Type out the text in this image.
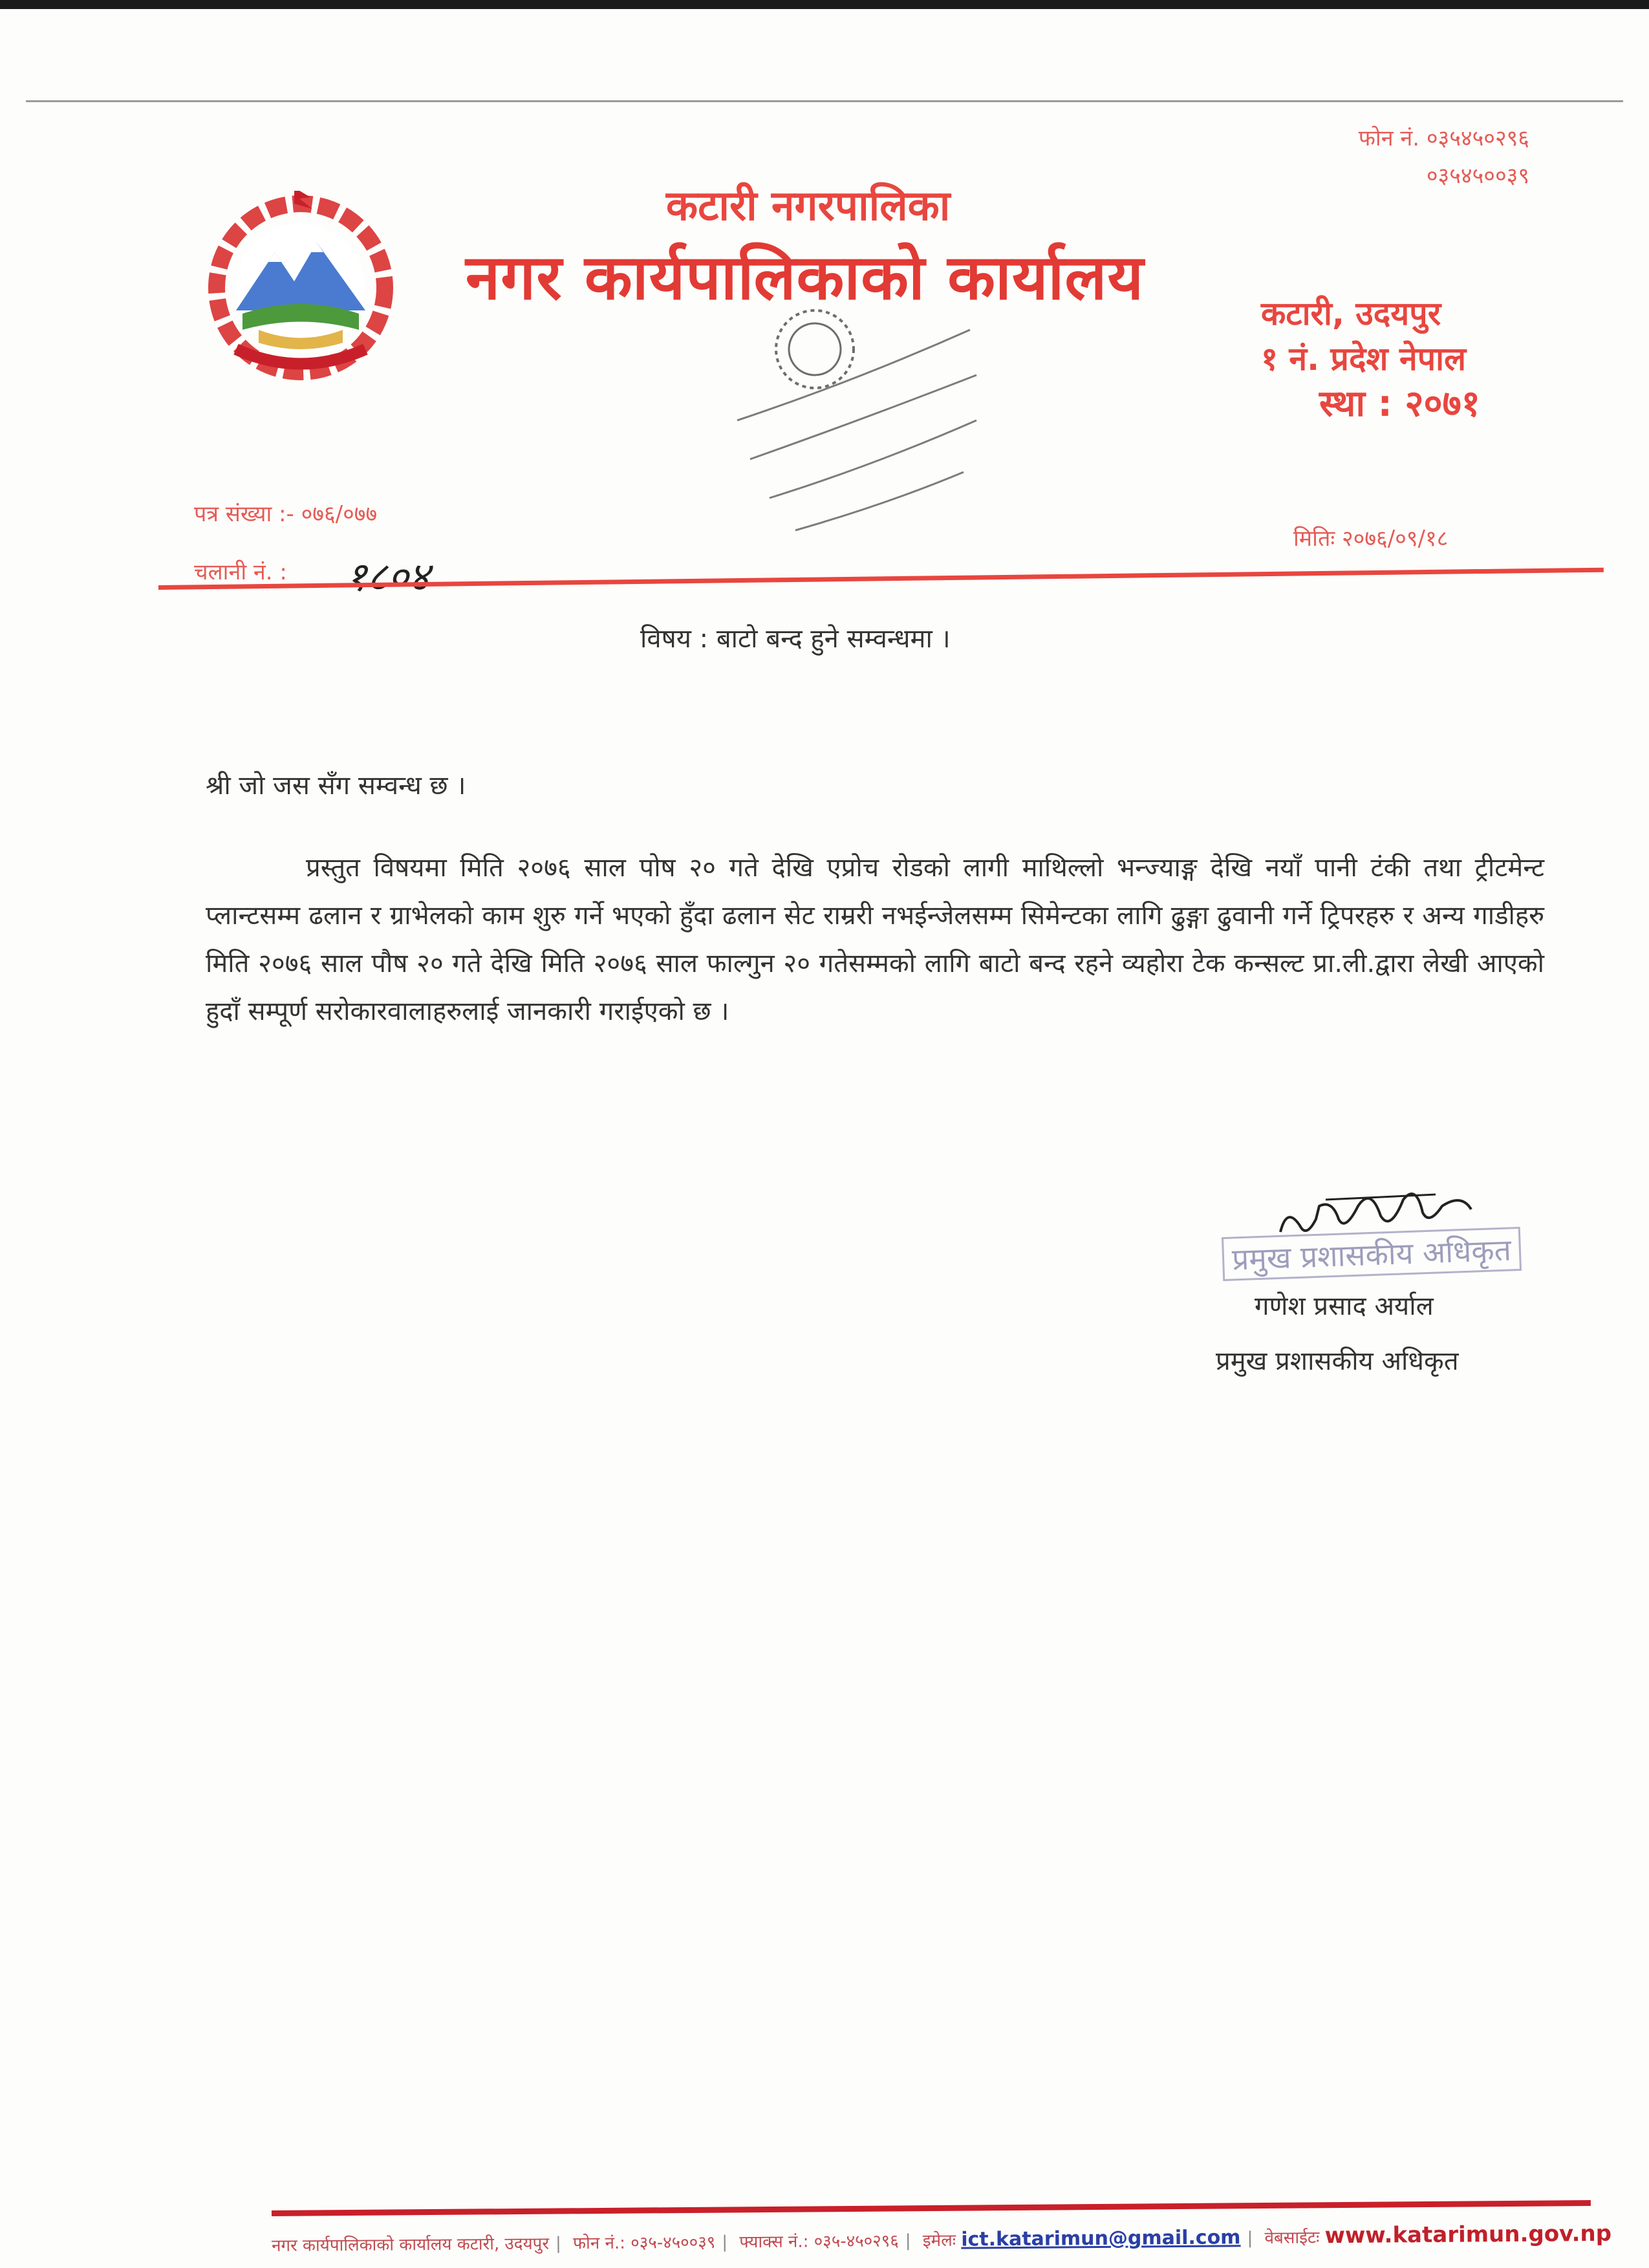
कटारी नगरपालिका
नगर कार्यपालिकाको कार्यालय
फोन नं. ०३५४५०२९६
०३५४५००३९
कटारी, उदयपुर
१ नं. प्रदेश नेपाल
स्था : २०७१
पत्र संख्या :- ०७६/०७७
चलानी नं. : १८०४
मितिः २०७६/०९/१८
विषय : बाटो बन्द हुने सम्वन्धमा ।
श्री जो जस सँग सम्वन्ध छ ।
प्रस्तुत विषयमा मिति २०७६ साल पोष २० गते देखि एप्रोच रोडको लागी माथिल्लो भन्ज्याङ्ग देखि नयाँ पानी टंकी तथा ट्रीटमेन्ट प्लान्टसम्म ढलान र ग्राभेलको काम शुरु गर्ने भएको हुँदा ढलान सेट राम्ररी नभईन्जेलसम्म सिमेन्टका लागि ढुङ्गा ढुवानी गर्ने ट्रिपरहरु र अन्य गाडीहरु मिति २०७६ साल पौष २० गते देखि मिति २०७६ साल फाल्गुन २० गतेसम्मको लागि बाटो बन्द रहने व्यहोरा टेक कन्सल्ट प्रा.ली.द्वारा लेखी आएको हुदाँ सम्पूर्ण सरोकारवालाहरुलाई जानकारी गराईएको छ ।
प्रमुख प्रशासकीय अधिकृत
गणेश प्रसाद अर्याल
प्रमुख प्रशासकीय अधिकृत
नगर कार्यपालिकाको कार्यालय कटारी, उदयपुर | फोन नं.: ०३५-४५००३९ | फ्याक्स नं.: ०३५-४५०२९६ | इमेलः ict.katarimun@gmail.com | वेबसाईटः www.katarimun.gov.np
